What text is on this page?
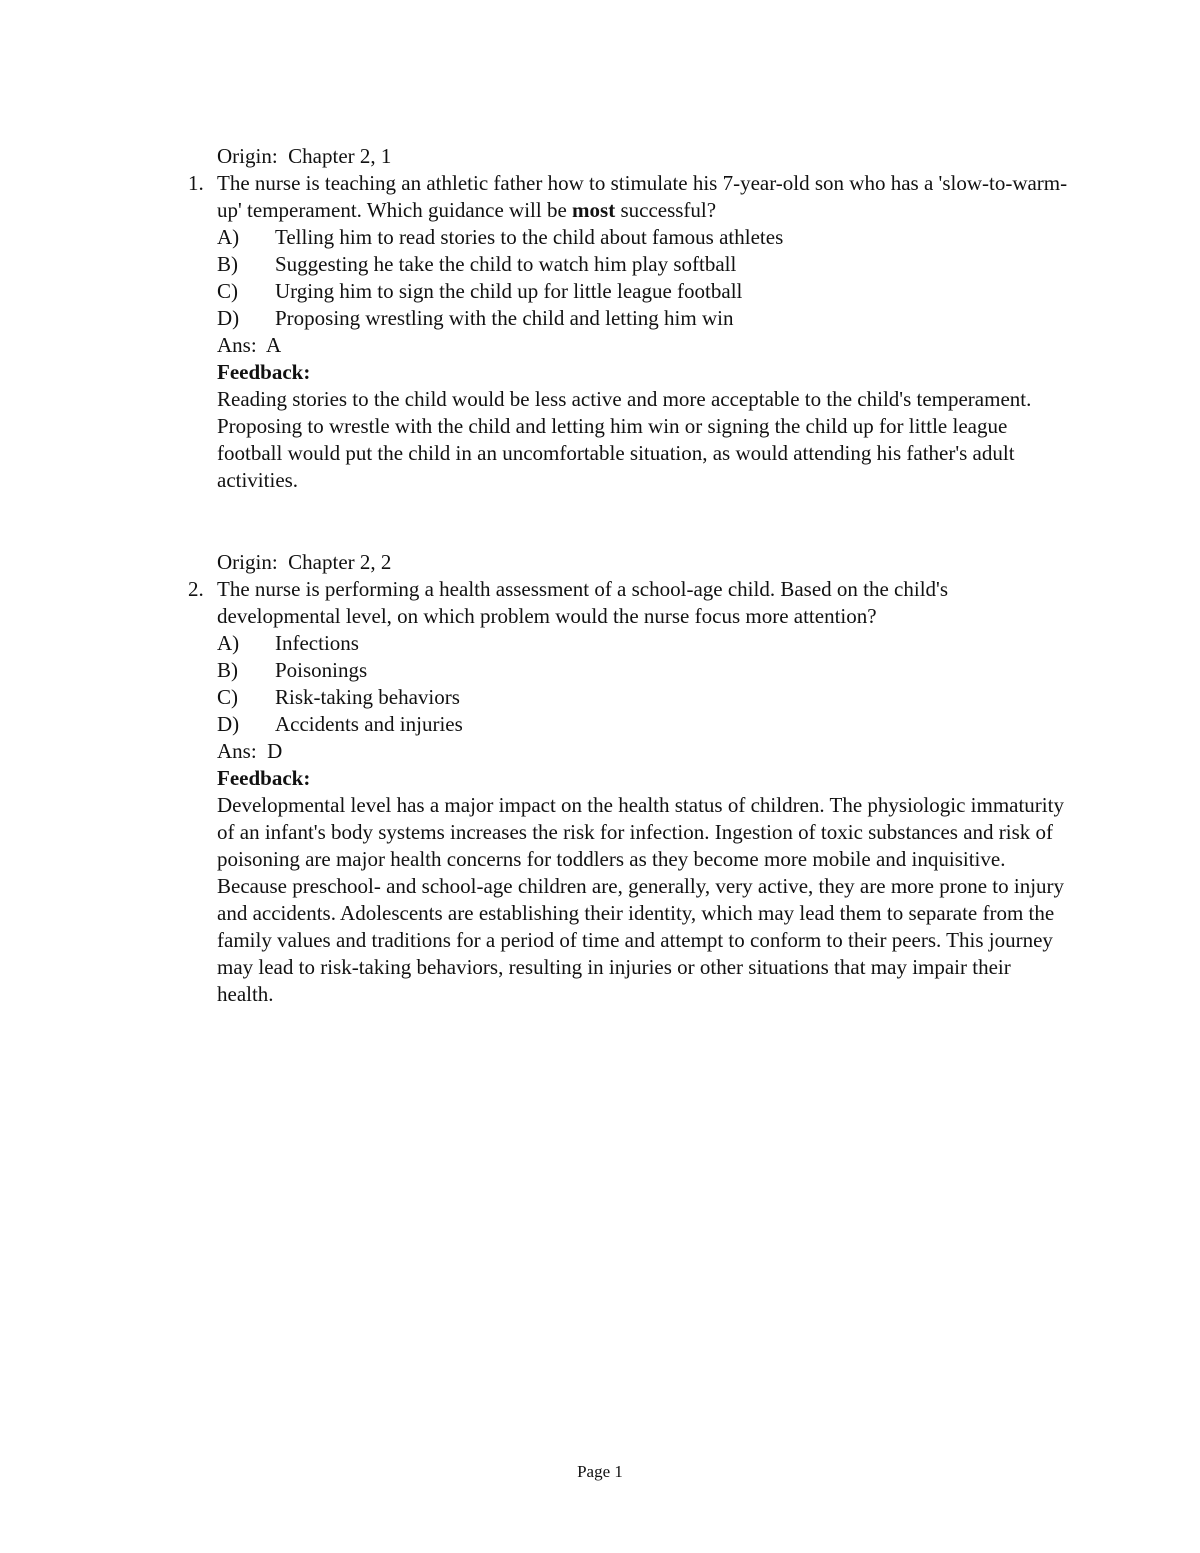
Origin:  Chapter 2, 1
1. The nurse is teaching an athletic father how to stimulate his 7-year-old son who has a 'slow-to-warm-up' temperament. Which guidance will be most successful?
A)	Telling him to read stories to the child about famous athletes
B)	Suggesting he take the child to watch him play softball
C)	Urging him to sign the child up for little league football
D)	Proposing wrestling with the child and letting him win
Ans:  A
Feedback:
Reading stories to the child would be less active and more acceptable to the child's temperament. Proposing to wrestle with the child and letting him win or signing the child up for little league football would put the child in an uncomfortable situation, as would attending his father's adult activities.
Origin:  Chapter 2, 2
2. The nurse is performing a health assessment of a school-age child. Based on the child's developmental level, on which problem would the nurse focus more attention?
A)	Infections
B)	Poisonings
C)	Risk-taking behaviors
D)	Accidents and injuries
Ans:  D
Feedback:
Developmental level has a major impact on the health status of children. The physiologic immaturity of an infant's body systems increases the risk for infection. Ingestion of toxic substances and risk of poisoning are major health concerns for toddlers as they become more mobile and inquisitive. Because preschool- and school-age children are, generally, very active, they are more prone to injury and accidents. Adolescents are establishing their identity, which may lead them to separate from the family values and traditions for a period of time and attempt to conform to their peers. This journey may lead to risk-taking behaviors, resulting in injuries or other situations that may impair their health.
Page 1
